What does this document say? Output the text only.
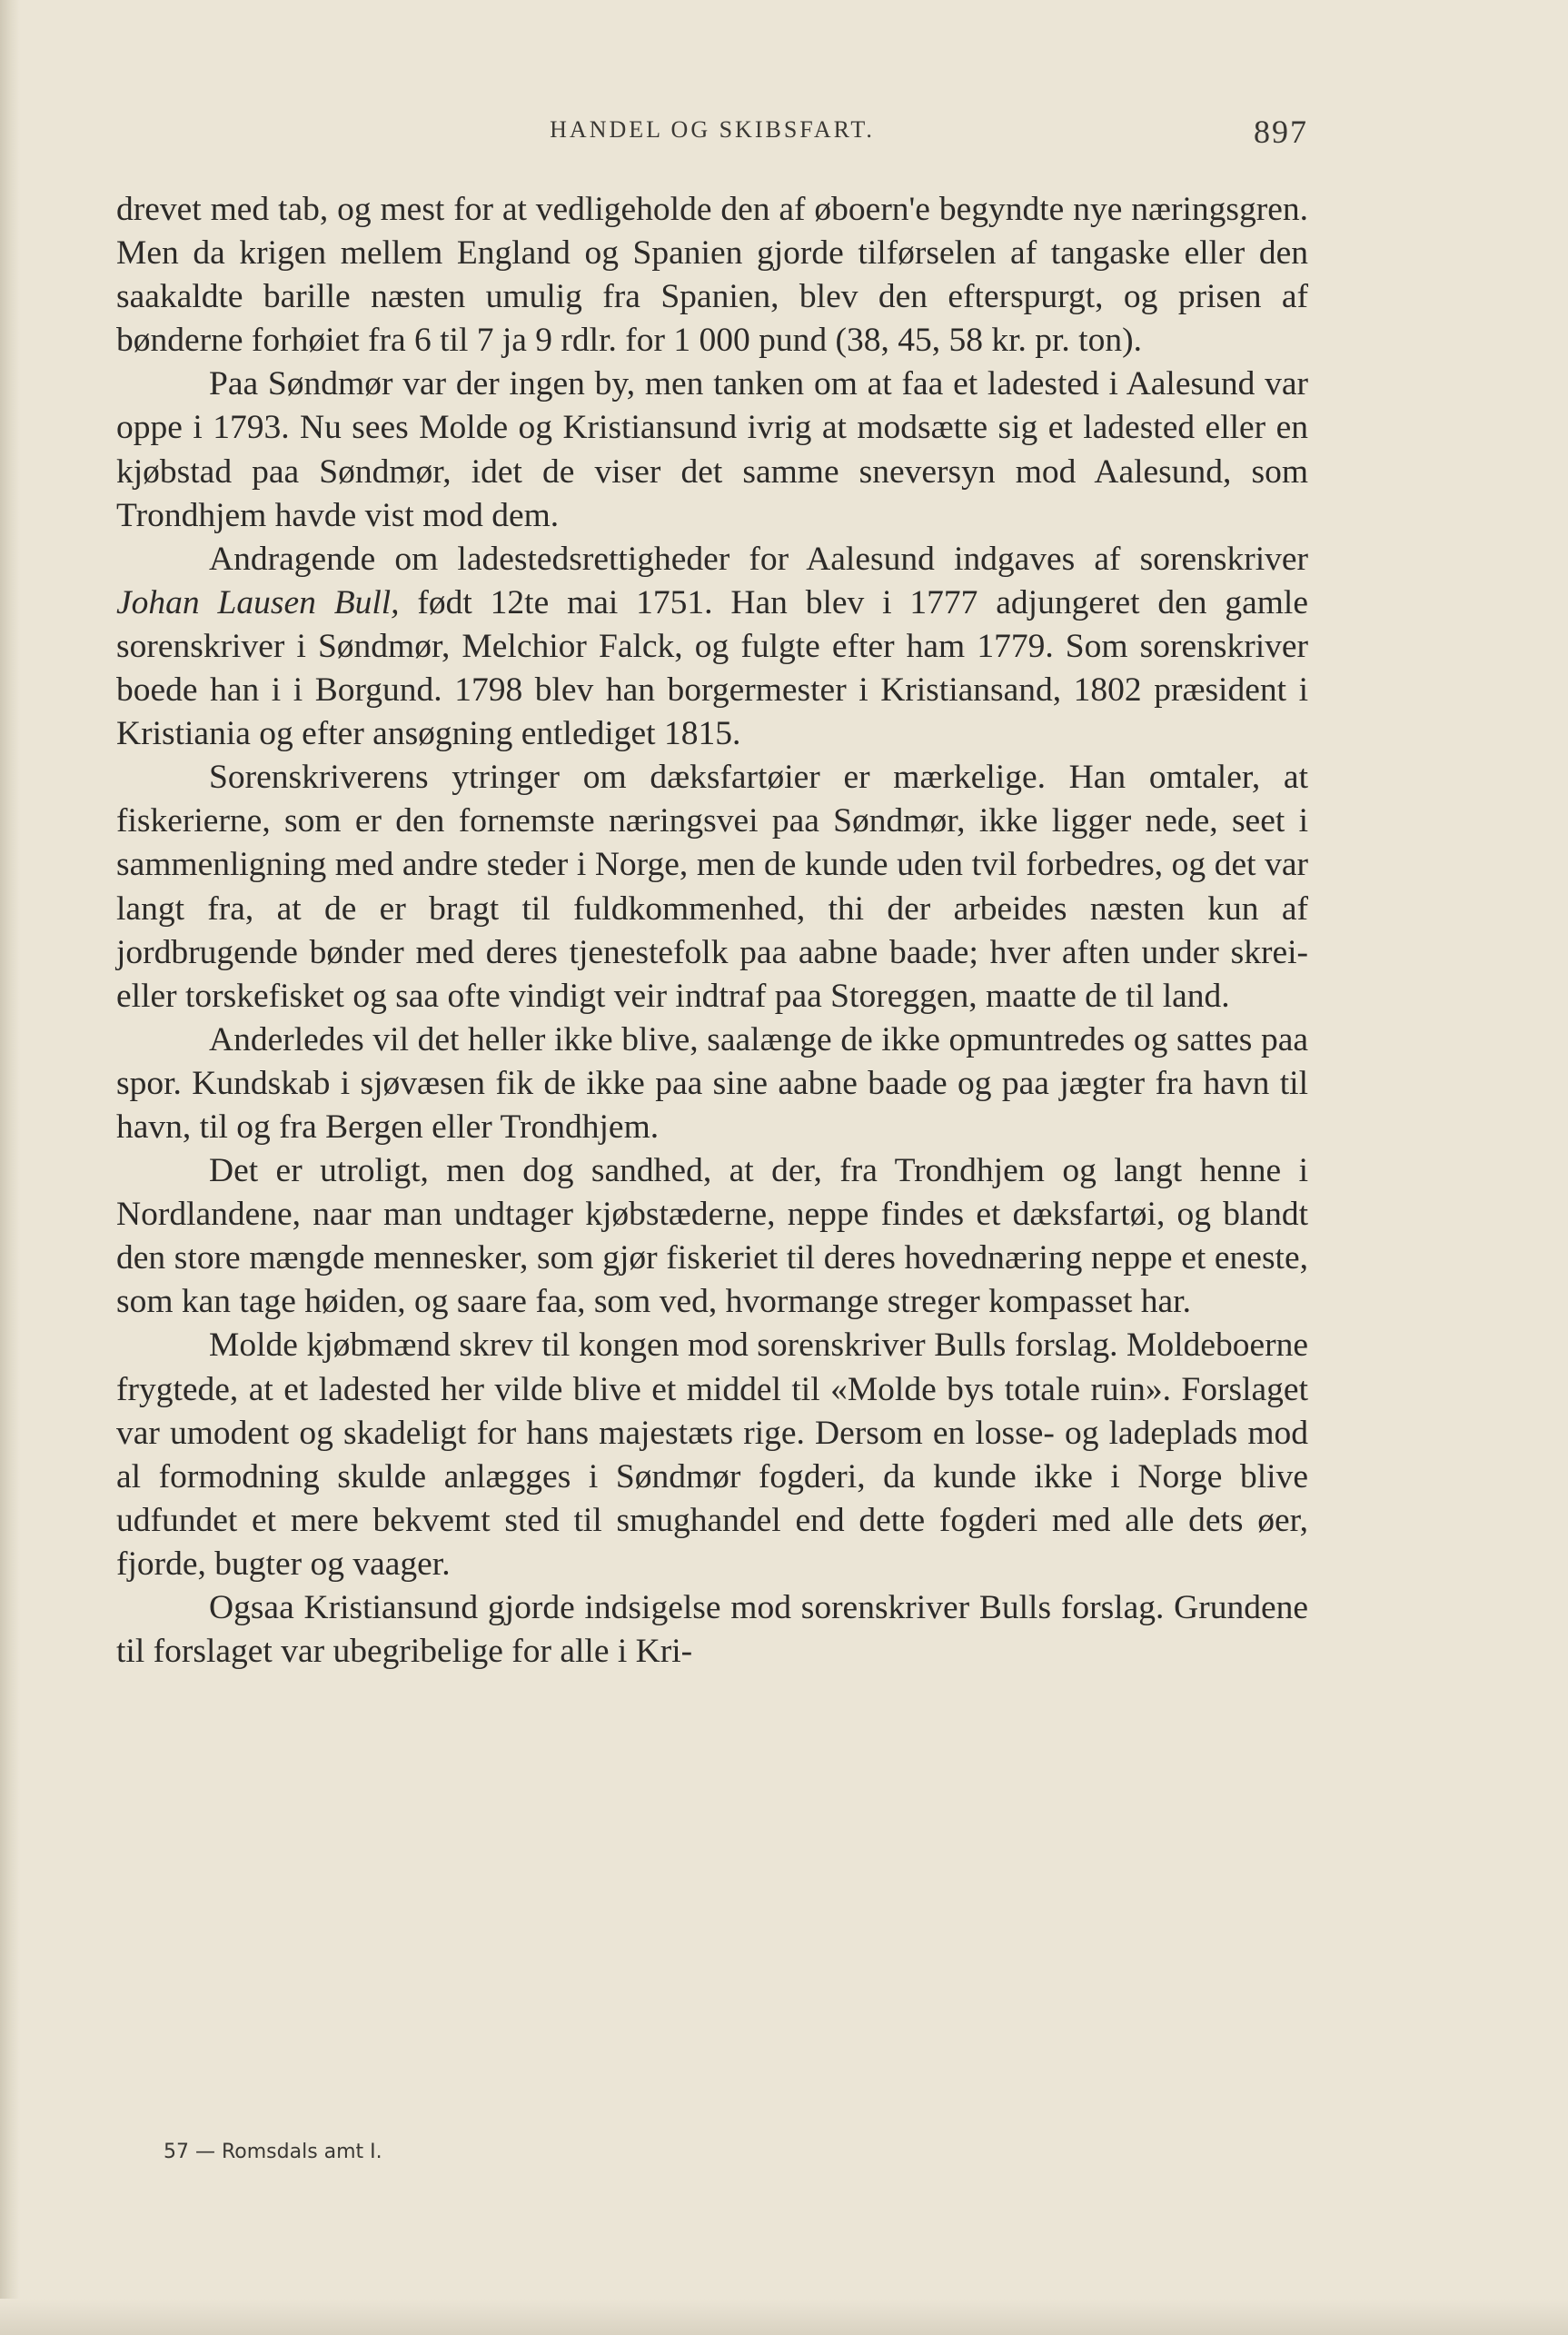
HANDEL OG SKIBSFART.	897

drevet med tab, og mest for at vedligeholde den af øboern'e begyndte nye næringsgren. Men da krigen mellem England og Spanien gjorde tilførselen af tangaske eller den saakaldte barille næsten umulig fra Spanien, blev den efterspurgt, og prisen af bønderne forhøiet fra 6 til 7 ja 9 rdlr. for 1 000 pund (38, 45, 58 kr. pr. ton).

Paa Søndmør var der ingen by, men tanken om at faa et ladested i Aalesund var oppe i 1793. Nu sees Molde og Kristiansund ivrig at modsætte sig et ladested eller en kjøbstad paa Søndmør, idet de viser det samme sneversyn mod Aalesund, som Trondhjem havde vist mod dem.

Andragende om ladestedsrettigheder for Aalesund indgaves af sorenskriver Johan Lausen Bull, født 12te mai 1751. Han blev i 1777 adjungeret den gamle sorenskriver i Søndmør, Melchior Falck, og fulgte efter ham 1779. Som sorenskriver boede han i i Borgund. 1798 blev han borgermester i Kristiansand, 1802 præsident i Kristiania og efter ansøgning entlediget 1815.

Sorenskriverens ytringer om dæksfartøier er mærkelige. Han omtaler, at fiskerierne, som er den fornemste næringsvei paa Søndmør, ikke ligger nede, seet i sammenligning med andre steder i Norge, men de kunde uden tvil forbedres, og det var langt fra, at de er bragt til fuldkommenhed, thi der arbeides næsten kun af jordbrugende bønder med deres tjenestefolk paa aabne baade; hver aften under skrei- eller torskefisket og saa ofte vindigt veir indtraf paa Storeggen, maatte de til land.

Anderledes vil det heller ikke blive, saalænge de ikke opmuntredes og sattes paa spor. Kundskab i sjøvæsen fik de ikke paa sine aabne baade og paa jægter fra havn til havn, til og fra Bergen eller Trondhjem.

Det er utroligt, men dog sandhed, at der, fra Trondhjem og langt henne i Nordlandene, naar man undtager kjøbstæderne, neppe findes et dæksfartøi, og blandt den store mængde mennesker, som gjør fiskeriet til deres hovednæring neppe et eneste, som kan tage høiden, og saare faa, som ved, hvormange streger kompasset har.

Molde kjøbmænd skrev til kongen mod sorenskriver Bulls forslag. Moldeboerne frygtede, at et ladested her vilde blive et middel til «Molde bys totale ruin». Forslaget var umodent og skadeligt for hans majestæts rige. Dersom en losse- og ladeplads mod al formodning skulde anlægges i Søndmør fogderi, da kunde ikke i Norge blive udfundet et mere bekvemt sted til smughandel end dette fogderi med alle dets øer, fjorde, bugter og vaager.

Ogsaa Kristiansund gjorde indsigelse mod sorenskriver Bulls forslag. Grundene til forslaget var ubegribelige for alle i Kri-

57 — Romsdals amt I.
